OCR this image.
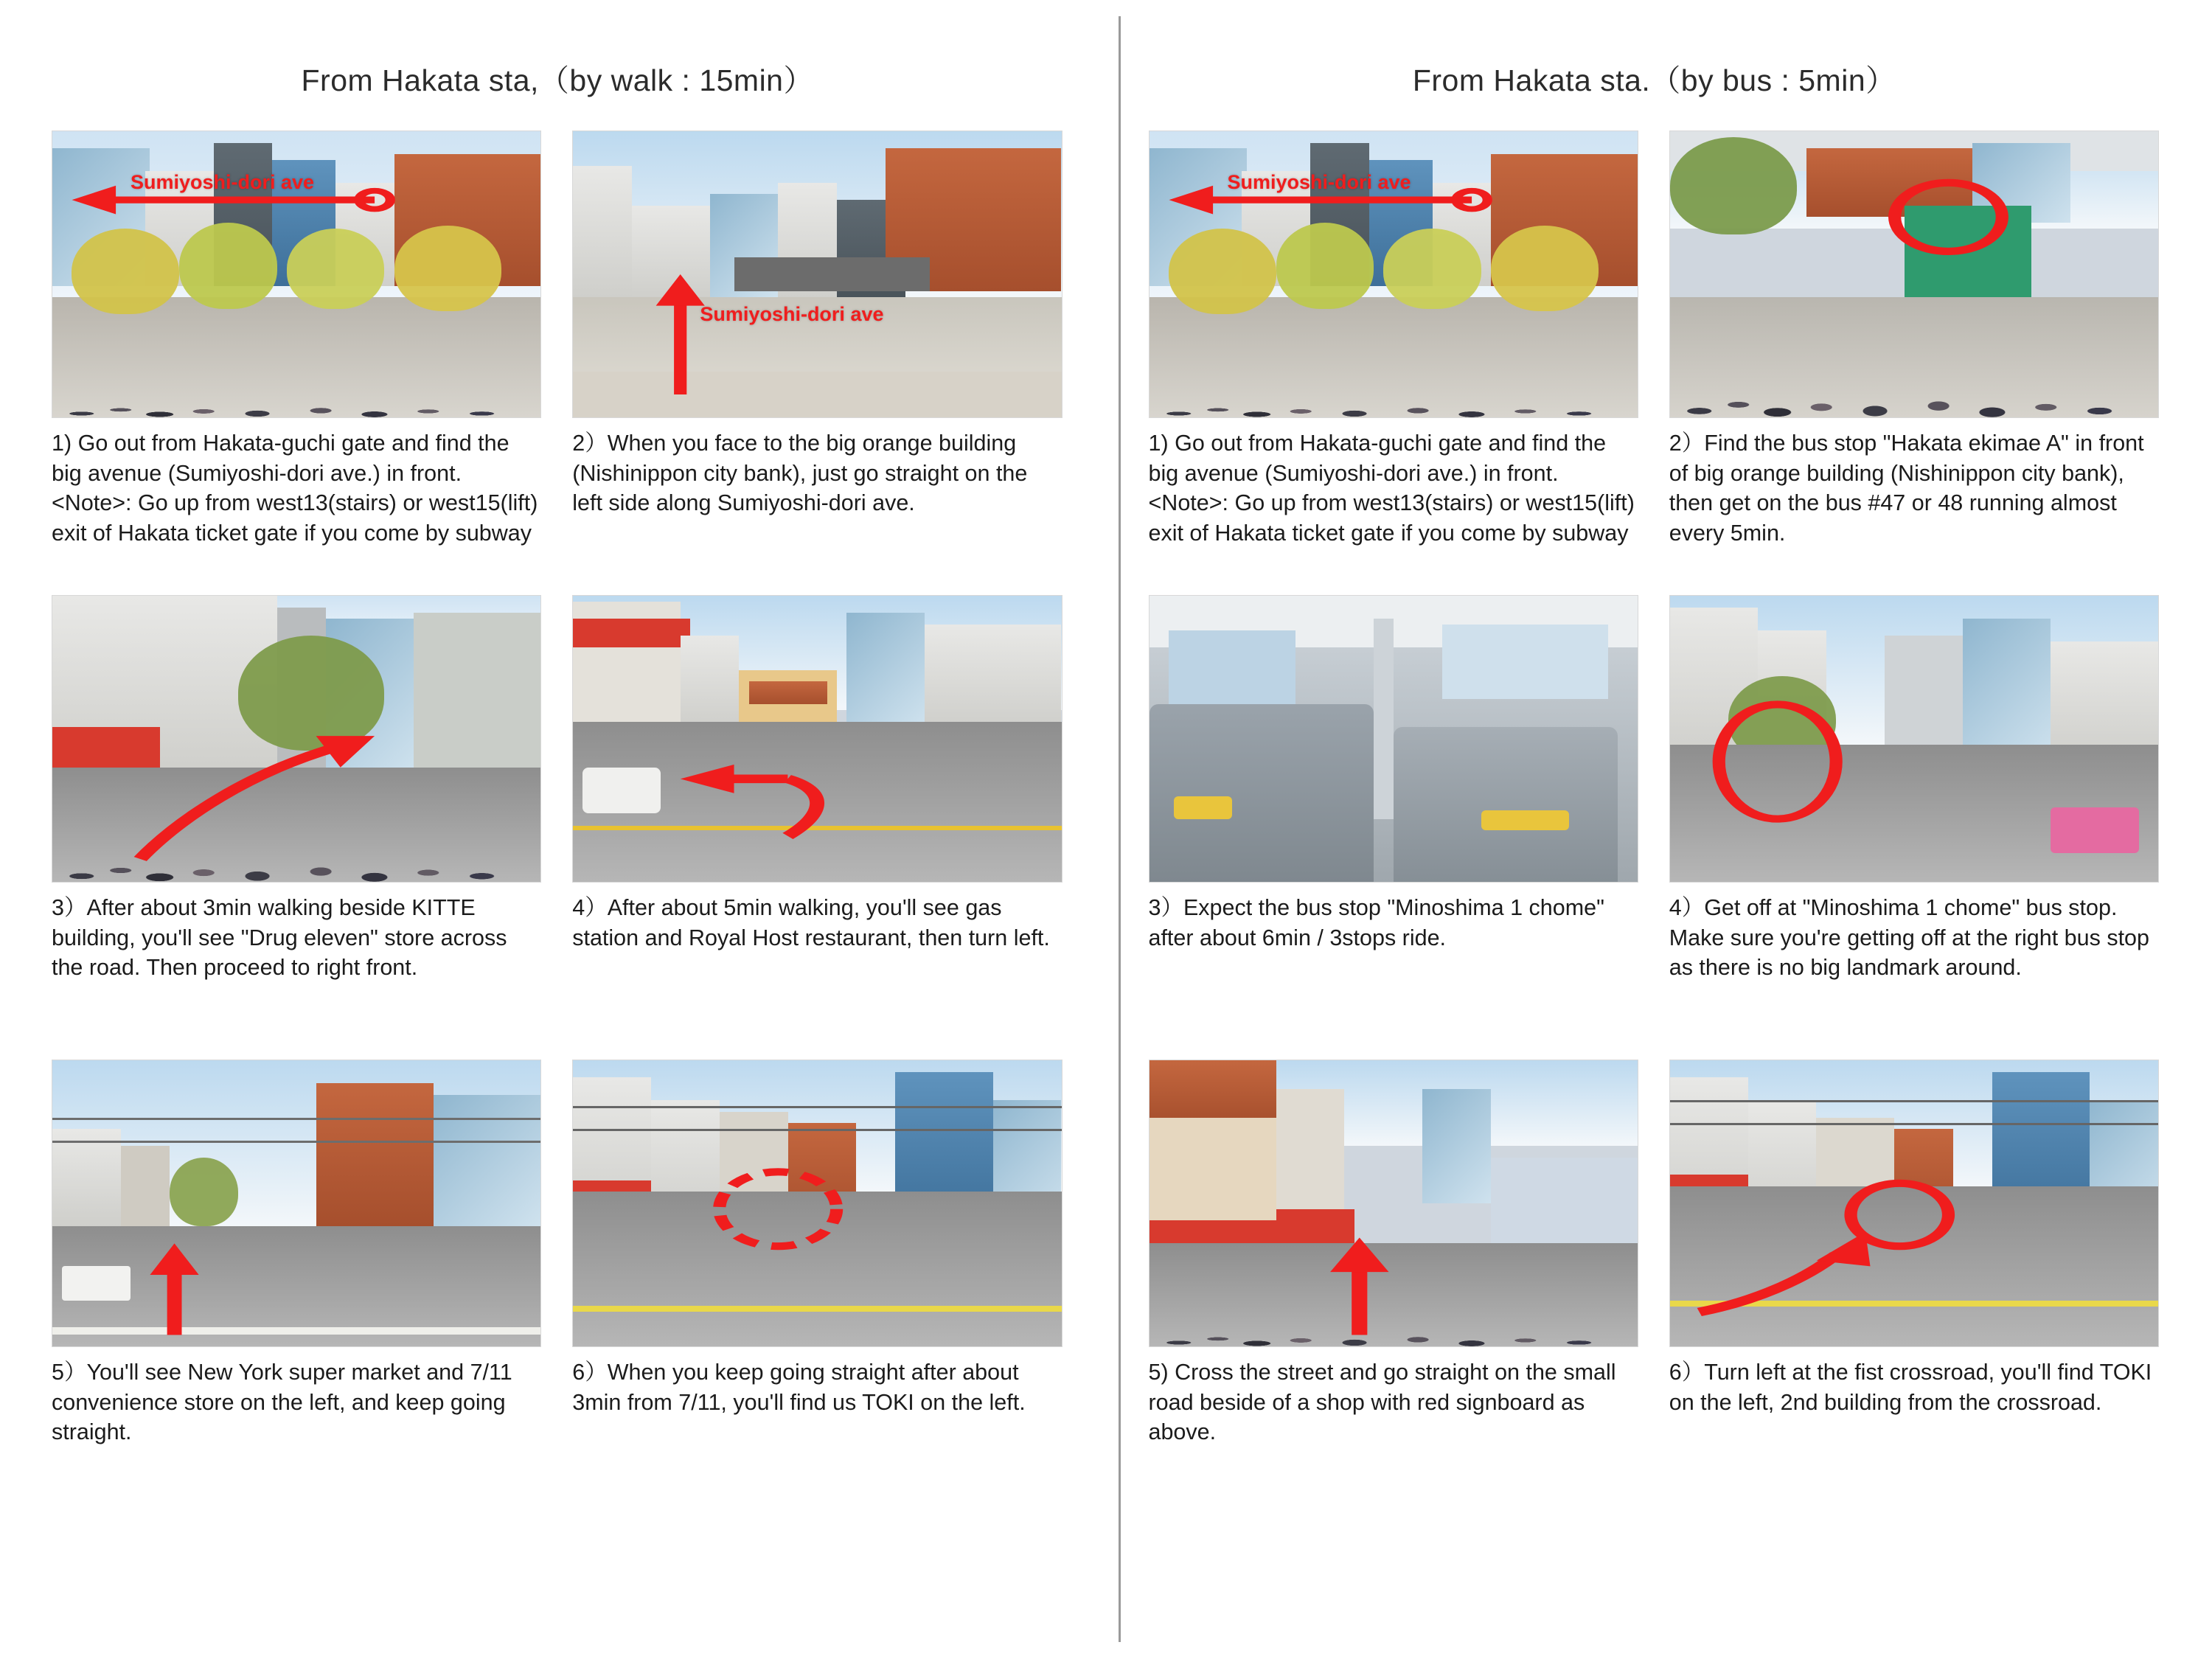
From Hakata sta,（by walk : 15min）
Sumiyoshi-dori ave
1) Go out from Hakata-guchi gate and find the big avenue (Sumiyoshi-dori ave.) in front. <Note>: Go up from west13(stairs) or west15(lift) exit of Hakata ticket gate if you come by subway
Sumiyoshi-dori ave
2）When you face to the big orange building (Nishinippon city bank), just go straight on the left side along Sumiyoshi-dori ave.
3）After about 3min walking beside KITTE building, you'll see "Drug eleven" store across the road. Then proceed to right front.
4）After about 5min walking, you'll see gas station and Royal Host restaurant, then turn left.
5）You'll see New York super market and 7/11 convenience store on the left, and keep going straight.
6）When you keep going straight after about 3min from 7/11, you'll find us TOKI on the left.
From Hakata sta.（by bus : 5min）
Sumiyoshi-dori ave
1) Go out from Hakata-guchi gate and find the big avenue (Sumiyoshi-dori ave.) in front.<Note>: Go up from west13(stairs) or west15(lift) exit of Hakata ticket gate if you come by subway
2）Find the bus stop "Hakata ekimae A" in front of big orange building (Nishinippon city bank), then get on the bus #47 or 48 running almost every 5min.
3）Expect the bus stop "Minoshima 1 chome" after about 6min / 3stops ride.
4）Get off at "Minoshima 1 chome" bus stop. Make sure you're getting off at the right bus stop as there is no big landmark around.
5) Cross the street and go straight on the small road beside of a shop with red signboard as above.
6）Turn left at the fist crossroad, you'll find TOKI on the left, 2nd building from the crossroad.
